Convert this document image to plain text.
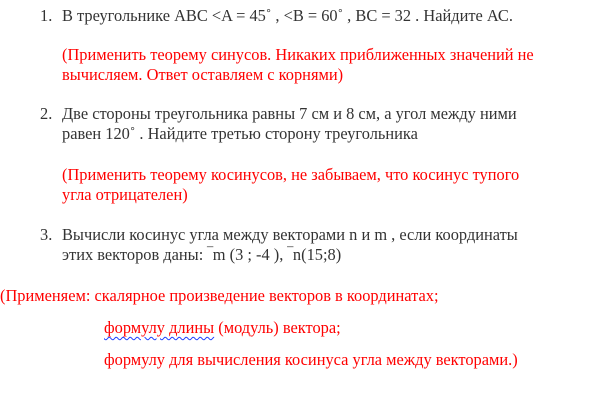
1. В треугольнике АВС <A = 45˚ , <B = 60˚ , BC = 32 . Найдите АС.
(Применить теорему синусов. Никаких приближенных значений не
вычисляем. Ответ оставляем с корнями)
2. Две стороны треугольника равны 7 см и 8 см, а угол между ними
равен 120˚ . Найдите третью сторону треугольника
(Применить теорему косинусов, не забываем, что косинус тупого
угла отрицателен)
3. Вычисли косинус угла между векторами n и m , если координаты
этих векторов даны: ‾m (3 ; -4 ), ‾n(15;8)
(Применяем: скалярное произведение векторов в координатах;
формулу длины (модуль) вектора;
формулу для вычисления косинуса угла между векторами.)
